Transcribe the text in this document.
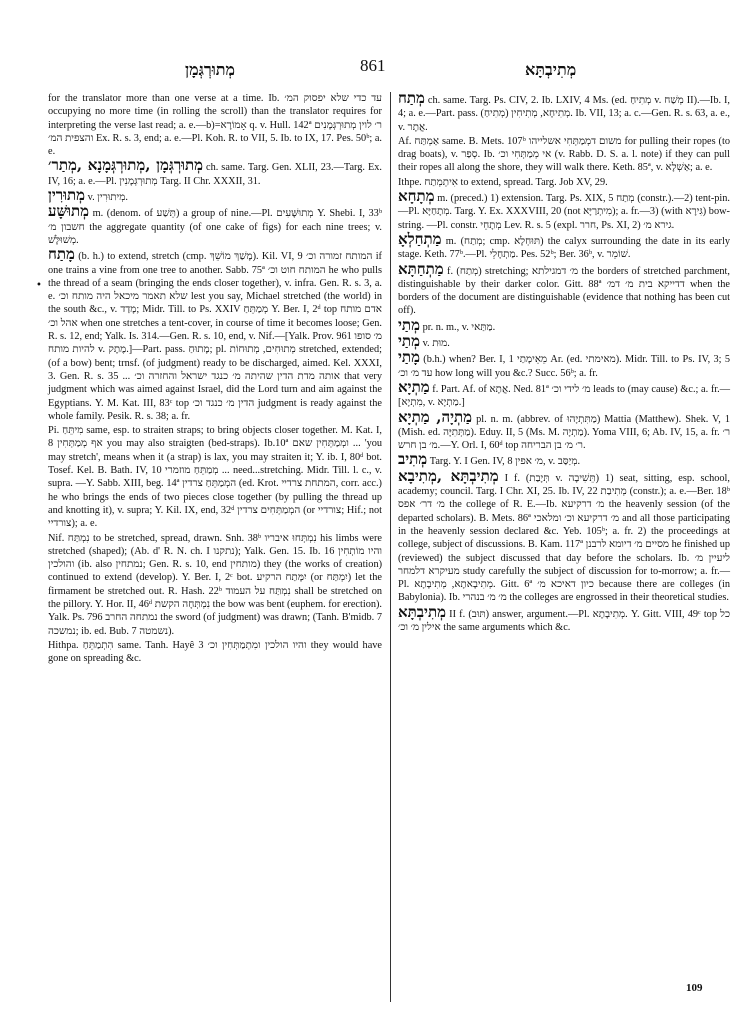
מְתוּרְגְּמָן	861	מְתִיבְתָּא
•

for the translator more than one verse at a time. Ib. עד כדי שלא יפסוק המ׳ occupying no more time (in rolling the scroll) than the translator requires for interpreting the verse last read; a. e.—b)=אָמוֹרָא q. v. Hull. 142ª ר׳ לוין מְתוּרְגְּמָנִים והצפית המ׳ Ex. R. s. 3, end; a. e.—Pl. Koh. R. to VII, 5. Ib. to IX, 17. Pes. 50ᵇ; a. e.

מְתוּרְגְּמָן ,מְתוּרְגְּמָנָא ,מְתַר׳ ch. same. Targ. Gen. XLII, 23.—Targ. Ex. IV, 16; a. e.—Pl. מְתוּרְגְּמָנִין Targ. II Chr. XXXII, 31.

מְתוּרִין v. מְיתוּרִין.

מְתוּשָּׁע m. (denom. of תֵּשַׁע) a group of nine.—Pl. מְתוּשָּׁעִים Y. Shebi. I, 33ᵇ חשבון מ׳ the aggregate quantity (of one cake of figs) for each nine trees; v. מְשׁוּלָּשׁ.

מָתַח (b. h.) to extend, stretch (cmp. מָשַׁךְ מוֹשֵׁךְ). Kil. VI, 9 המותח זמורה וכ׳ if one trains a vine from one tree to another. Sabb. 75ª המותח חוט וכ׳ he who pulls the thread of a seam (bringing the ends closer together), v. infra. Gen. R. s. 3, a. e. שלא תאמר מיכאל היה מותח וכ׳ lest you say, Michael stretched (the world) in the south &c., v. מָדַד; Midr. Till. to Ps. XXIV מְמַתֵּחַ Y. Ber. I, 2ᵈ top אדם מותח אהל וכ׳ when one stretches a tent-cover, in course of time it becomes loose; Gen. R. s. 12, end; Yalk. Is. 314.—Gen. R. s. 10, end, v. Nif.—[Yalk. Prov. 961 מ׳ סופו להיות מותח v. מֶתֶק.]—Part. pass. מָתוּחַ; pl. מְתוּחִים, מְתוּחוֹת stretched, extended; (of a bow) bent; trnsf. (of judgment) ready to be discharged, aimed. Kel. XXXI, 3. Gen. R. s. 35 ... אותה מדת הדין שהיתה מ׳ כנגד ישראל והחזרה וכ׳ that very judgment which was aimed against Israel, did the Lord turn and aim against the Egyptians. Y. M. Kat. III, 83ᶜ top הדין מ׳ כנגד וכ׳ judgment is ready against the whole family. Pesik. R. s. 38; a. fr.

Pi. מִיתֵּחַ same, esp. to straiten straps; to bring objects closer together. M. Kat. I, 8 אף מְמַתְּחִין you may also straigten (bed-straps). Ib.10ª ומְמַתְּחִין שאם ... 'you may stretch', means when it (a strap) is lax, you may straiten it; Y. ib. I, 80ᵈ bot. Tosef. Kel. B. Bath. IV, 10 מְמַתֵּחַ מוזמרי ... need...stretching. Midr. Till. l. c., v. supra. —Y. Sabb. XIII, beg. 14ª המְמַתֵּחַ צרדין (ed. Krot. המתחת צרדיי, corr. acc.) he who brings the ends of two pieces close together (by pulling the thread up and knotting it), v. supra; Y. Kil. IX, end, 32ᵈ המְמַתְּחִים צרדין (or צורדיי; Hif.; not צורדיי); a. e.

Nif. נִמְתַּח to be stretched, spread, drawn. Snh. 38ᵇ נִמְתְּחוּ איבריו his limbs were stretched (shaped); (Ab. d' R. N. ch. I נתקנו); Yalk. Gen. 15. Ib. 16 והיו מוֹתְחִין והולכין (ib. also נמתחין; Gen. R. s. 10, end מותחין) they (the works of creation) continued to extend (develop). Y. Ber. I, 2ᶜ bot. יִמָּתַח הרקיע (or יִמְתַּח) let the firmament be stretched out. R. Hash. 22ᵇ נִמְתַּח על העמוד shall be stretched on the pillory. Y. Hor. II, 46ᵈ נִמְתְּחָה הקשת the bow was bent (euphem. for erection). Yalk. Ps. 796 נמתחה החרב the sword (of judgment) was drawn; (Tanh. B'midb. 7 נמשכה; ib. ed. Bub. 7 נשמטה).

Hithpa. הִתְמַתֵּחַ same. Tanh. Hayê 3 והיו הולכין ומִתְמַתְּחִין וכ׳ they would have gone on spreading &c.

מְתַח ch. same. Targ. Ps. CIV, 2. Ib. LXIV, 4 Ms. (ed. מְתִיחַ v. מְשַׁח II).—Ib. I, 4; a. e.—Part. pass. מְתִיחָא, מְתִיחִין (מְתִיחַ). Ib. VII, 13; a. c.—Gen. R. s. 63, a. e., v. אֲתָר.

Af. אַמְתַּח same. B. Mets. 107ᵇ משום דמְמַתְּחִי אשלייהו for pulling their ropes (to drag boats), v. סְפַר. Ib. אי מְמַתְּחִי וכ׳ (v. Rabb. D. S. a. l. note) if they can pull their ropes all along the shore, they will walk there. Keth. 85ª, v. אַשְׁלָא; a. e.

Ithpe. אִיתְמְתַח to extend, spread. Targ. Job XV, 29.

מְתָחָא m. (preced.) 1) extension. Targ. Ps. XIX, 5 מְתַח (constr.).—2) tent-pin.—Pl. מְתָחַיָּא. Targ. Y. Ex. XXXVIII, 20 (not מִיתְרַיָּא); a. fr.—3) (with גִּירָא) bow-string. —Pl. constr. מְתָחֵי Lev. R. s. 5 (expl. חרר, Ps. XI, 2) גירא מ׳.

מַתְחַלְאָ m. (מְתַח; cmp. תּוּחְלָא) the calyx surrounding the date in its early stage. Keth. 77ᵇ.—Pl. מַתְחָלֵי. Pes. 52ᵇ; Ber. 36ᵇ, v. שׁוֹמֵר.

מַתְחַתָּא f. (מְתַח) stretching; מ׳ דמגילתא the borders of stretched parchment, distinguishable by their darker color. Gitt. 88ª דדייקא בית מ׳ דמ׳ when the borders of the document are distinguishable (evidence that nothing has been cut off).

מְתַי pr. n. m., v. מַתַּאי.

מְתַי v. מוּת.

מָתַי (b.h.) when? Ber. I, 1 מֵאֵימָתַי Ar. (ed. מאימתי). Midr. Till. to Ps. IV, 3; 5 עד מ׳ וכ׳ how long will you &c.? Succ. 56ᵇ; a. fr.

מַתְיָא f. Part. Af. of אֲתָא. Ned. 81ª מ׳ לידי וכ׳ leads to (may cause) &c.; a. fr.—[מִתְיָא, v. מַתְיָא.]

מַתְיָה, מַתְיָא pl. n. m. (abbrev. of מַתִּתְיָהוּ) Mattia (Matthew). Shek. V, 1 (Mish. ed. מַתְּתִיָּה). Eduy. II, 5 (Ms. M. מַתְיָה). Yoma VIII, 6; Ab. IV, 15, a. fr. ר׳ מ׳ בן חרש.—Y. Orl. I, 60ᵈ top ר׳ מ׳ בן הבריחה.

מְתִיב Targ. Y. I Gen. IV, 8 מ׳ אפין, v. מְיַסַּב.

מְתִיבְתָּא ,מְתִיבָא I f. (תְּיָבַת v. תֵּשִׁיבָה) 1) seat, sitting, esp. school, academy; council. Targ. I Chr. XI, 25. Ib. IV, 22 מְתִיבַת (constr.); a. e.—Ber. 18ᵇ מ׳ דר׳ אפס the college of R. E.—Ib. מ׳ דרקיעא the heavenly session (of the departed scholars). B. Mets. 86ª מ׳ דרקיעא וכ׳ ומלאכי and all those participating in the heavenly session declared &c. Yeb. 105ᵇ; a. fr. 2) the proceedings at college, subject of discussions. B. Kam. 117ª מסיים מ׳ דיומא לרבנן he finished up (reviewed) the subject discussed that day before the scholars. Ib. ליעיין מ׳ מעיקרא דלמחר study carefully the subject of discussion for to-morrow; a. fr.—Pl. מְתִיבָאתָא, מְתִיבָתָא. Gitt. 6ª כיון דאיכא מ׳ because there are colleges (in Babylonia). Ib. מ׳ מ׳ בנהרי the colleges are engrossed in their theoretical studies.

מְתִיבְתָּא II f. (תּוּב) answer, argument.—Pl. מְתִיבָתָא. Y. Gitt. VIII, 49ᶜ top כל אילין מ׳ וכ׳ the same arguments which &c.

109
